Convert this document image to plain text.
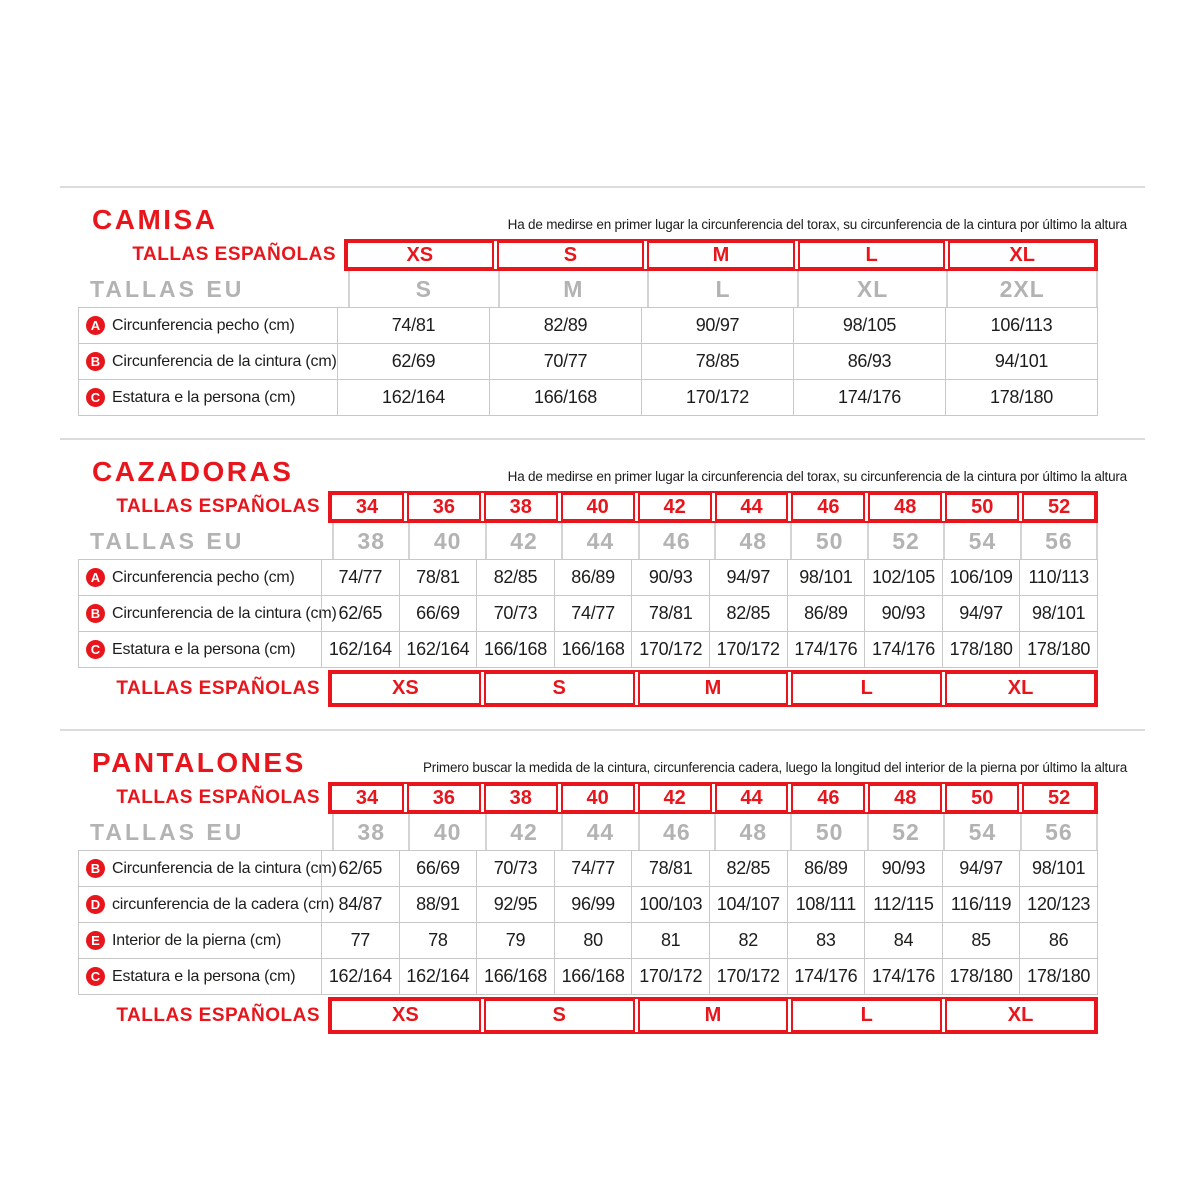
CAMISA	Ha de medirse en primer lugar la circunferencia del torax, su circunferencia de la cintura por último la altura

TALLAS ESPAÑOLAS	XS	S	M	L	XL
TALLAS EU	S	M	L	XL	2XL
A Circunferencia pecho (cm)	74/81	82/89	90/97	98/105	106/113
B Circunferencia de la cintura (cm)	62/69	70/77	78/85	86/93	94/101
C Estatura e la persona (cm)	162/164	166/168	170/172	174/176	178/180
CAZADORAS	Ha de medirse en primer lugar la circunferencia del torax, su circunferencia de la cintura por último la altura

TALLAS ESPAÑOLAS	34	36	38	40	42	44	46	48	50	52
TALLAS EU	38	40	42	44	46	48	50	52	54	56
A Circunferencia pecho (cm)	74/77	78/81	82/85	86/89	90/93	94/97	98/101	102/105 106/109 110/113
B Circunferencia de la cintura (cm) 62/65	66/69	70/73	74/77	78/81	82/85	86/89	90/93	94/97	98/101
C Estatura e la persona (cm)	162/164 162/164 166/168 166/168 170/172 170/172 174/176 174/176 178/180 178/180
TALLAS ESPAÑOLAS	XS	S	M	L	XL
PANTALONES	Primero buscar la medida de la cintura, circunferencia cadera, luego la longitud del interior de la pierna por último la altura

TALLAS ESPAÑOLAS	34	36	38	40	42	44	46	48	50	52
TALLAS EU	38	40	42	44	46	48	50	52	54	56
B Circunferencia de la cintura (cm) 62/65	66/69	70/73	74/77	78/81	82/85	86/89	90/93	94/97	98/101
D circunferencia de la cadera (cm) 84/87	88/91	92/95	96/99	100/103 104/107 108/111 112/115 116/119 120/123
E Interior de la pierna (cm)	77	78	79	80	81	82	83	84	85	86
C Estatura e la persona (cm)	162/164 162/164 166/168 166/168 170/172 170/172 174/176 174/176 178/180 178/180
TALLAS ESPAÑOLAS	XS	S	M	L	XL
